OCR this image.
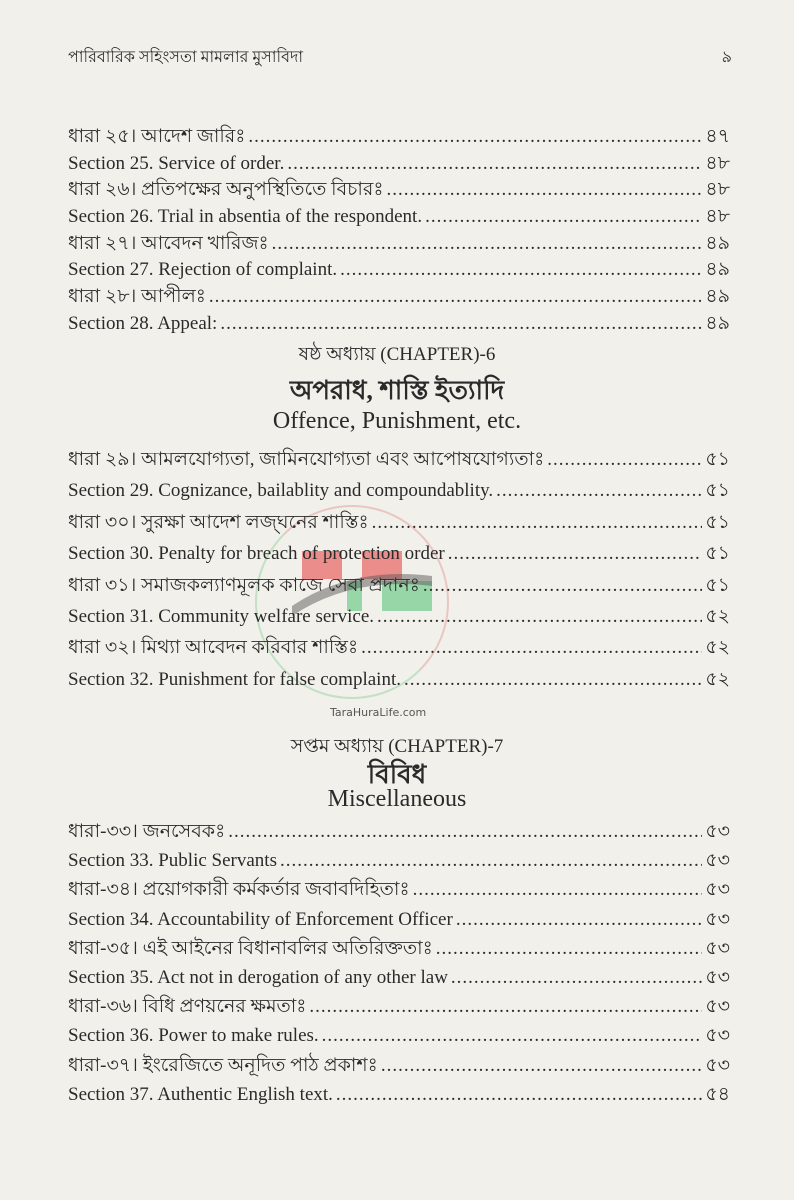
TaraHuraLife.com
পারিবারিক সহিংসতা মামলার মুসাবিদা	৯
ধারা ২৫। আদেশ জারিঃ .....	৪৭
Section 25. Service of order. .....	৪৮
ধারা ২৬। প্রতিপক্ষের অনুপস্থিতিতে বিচারঃ .....	৪৮
Section 26. Trial in absentia of the respondent. .....	৪৮
ধারা ২৭। আবেদন খারিজঃ .....	৪৯
Section 27. Rejection of complaint. .....	৪৯
ধারা ২৮। আপীলঃ .....	৪৯
Section 28. Appeal: .....	৪৯
ষষ্ঠ অধ্যায় (CHAPTER)-6
অপরাধ, শাস্তি ইত্যাদি
Offence, Punishment, etc.
ধারা ২৯। আমলযোগ্যতা, জামিনযোগ্যতা এবং আপোষযোগ্যতাঃ .....	৫১
Section 29. Cognizance, bailablity and compoundablity. .....	৫১
ধারা ৩০। সুরক্ষা আদেশ লজ্ঘনের শাস্তিঃ .....	৫১
Section 30. Penalty for breach of protection order .....	৫১
ধারা ৩১। সমাজকল্যাণমূলক কাজে সেবা প্রদানঃ .....	৫১
Section 31. Community welfare service. .....	৫২
ধারা ৩২। মিথ্যা আবেদন করিবার শাস্তিঃ .....	৫২
Section 32. Punishment for false complaint. .....	৫২
সপ্তম অধ্যায় (CHAPTER)-7
বিবিধ
Miscellaneous
ধারা-৩৩। জনসেবকঃ .....	৫৩
Section 33. Public Servants .....	৫৩
ধারা-৩৪। প্রয়োগকারী কর্মকর্তার জবাবদিহিতাঃ .....	৫৩
Section 34. Accountability of Enforcement Officer .....	৫৩
ধারা-৩৫। এই আইনের বিধানাবলির অতিরিক্ততাঃ .....	৫৩
Section 35. Act not in derogation of any other law .....	৫৩
ধারা-৩৬। বিধি প্রণয়নের ক্ষমতাঃ .....	৫৩
Section 36. Power to make rules. .....	৫৩
ধারা-৩৭। ইংরেজিতে অনূদিত পাঠ প্রকাশঃ .....	৫৩
Section 37. Authentic English text. .....	৫৪
